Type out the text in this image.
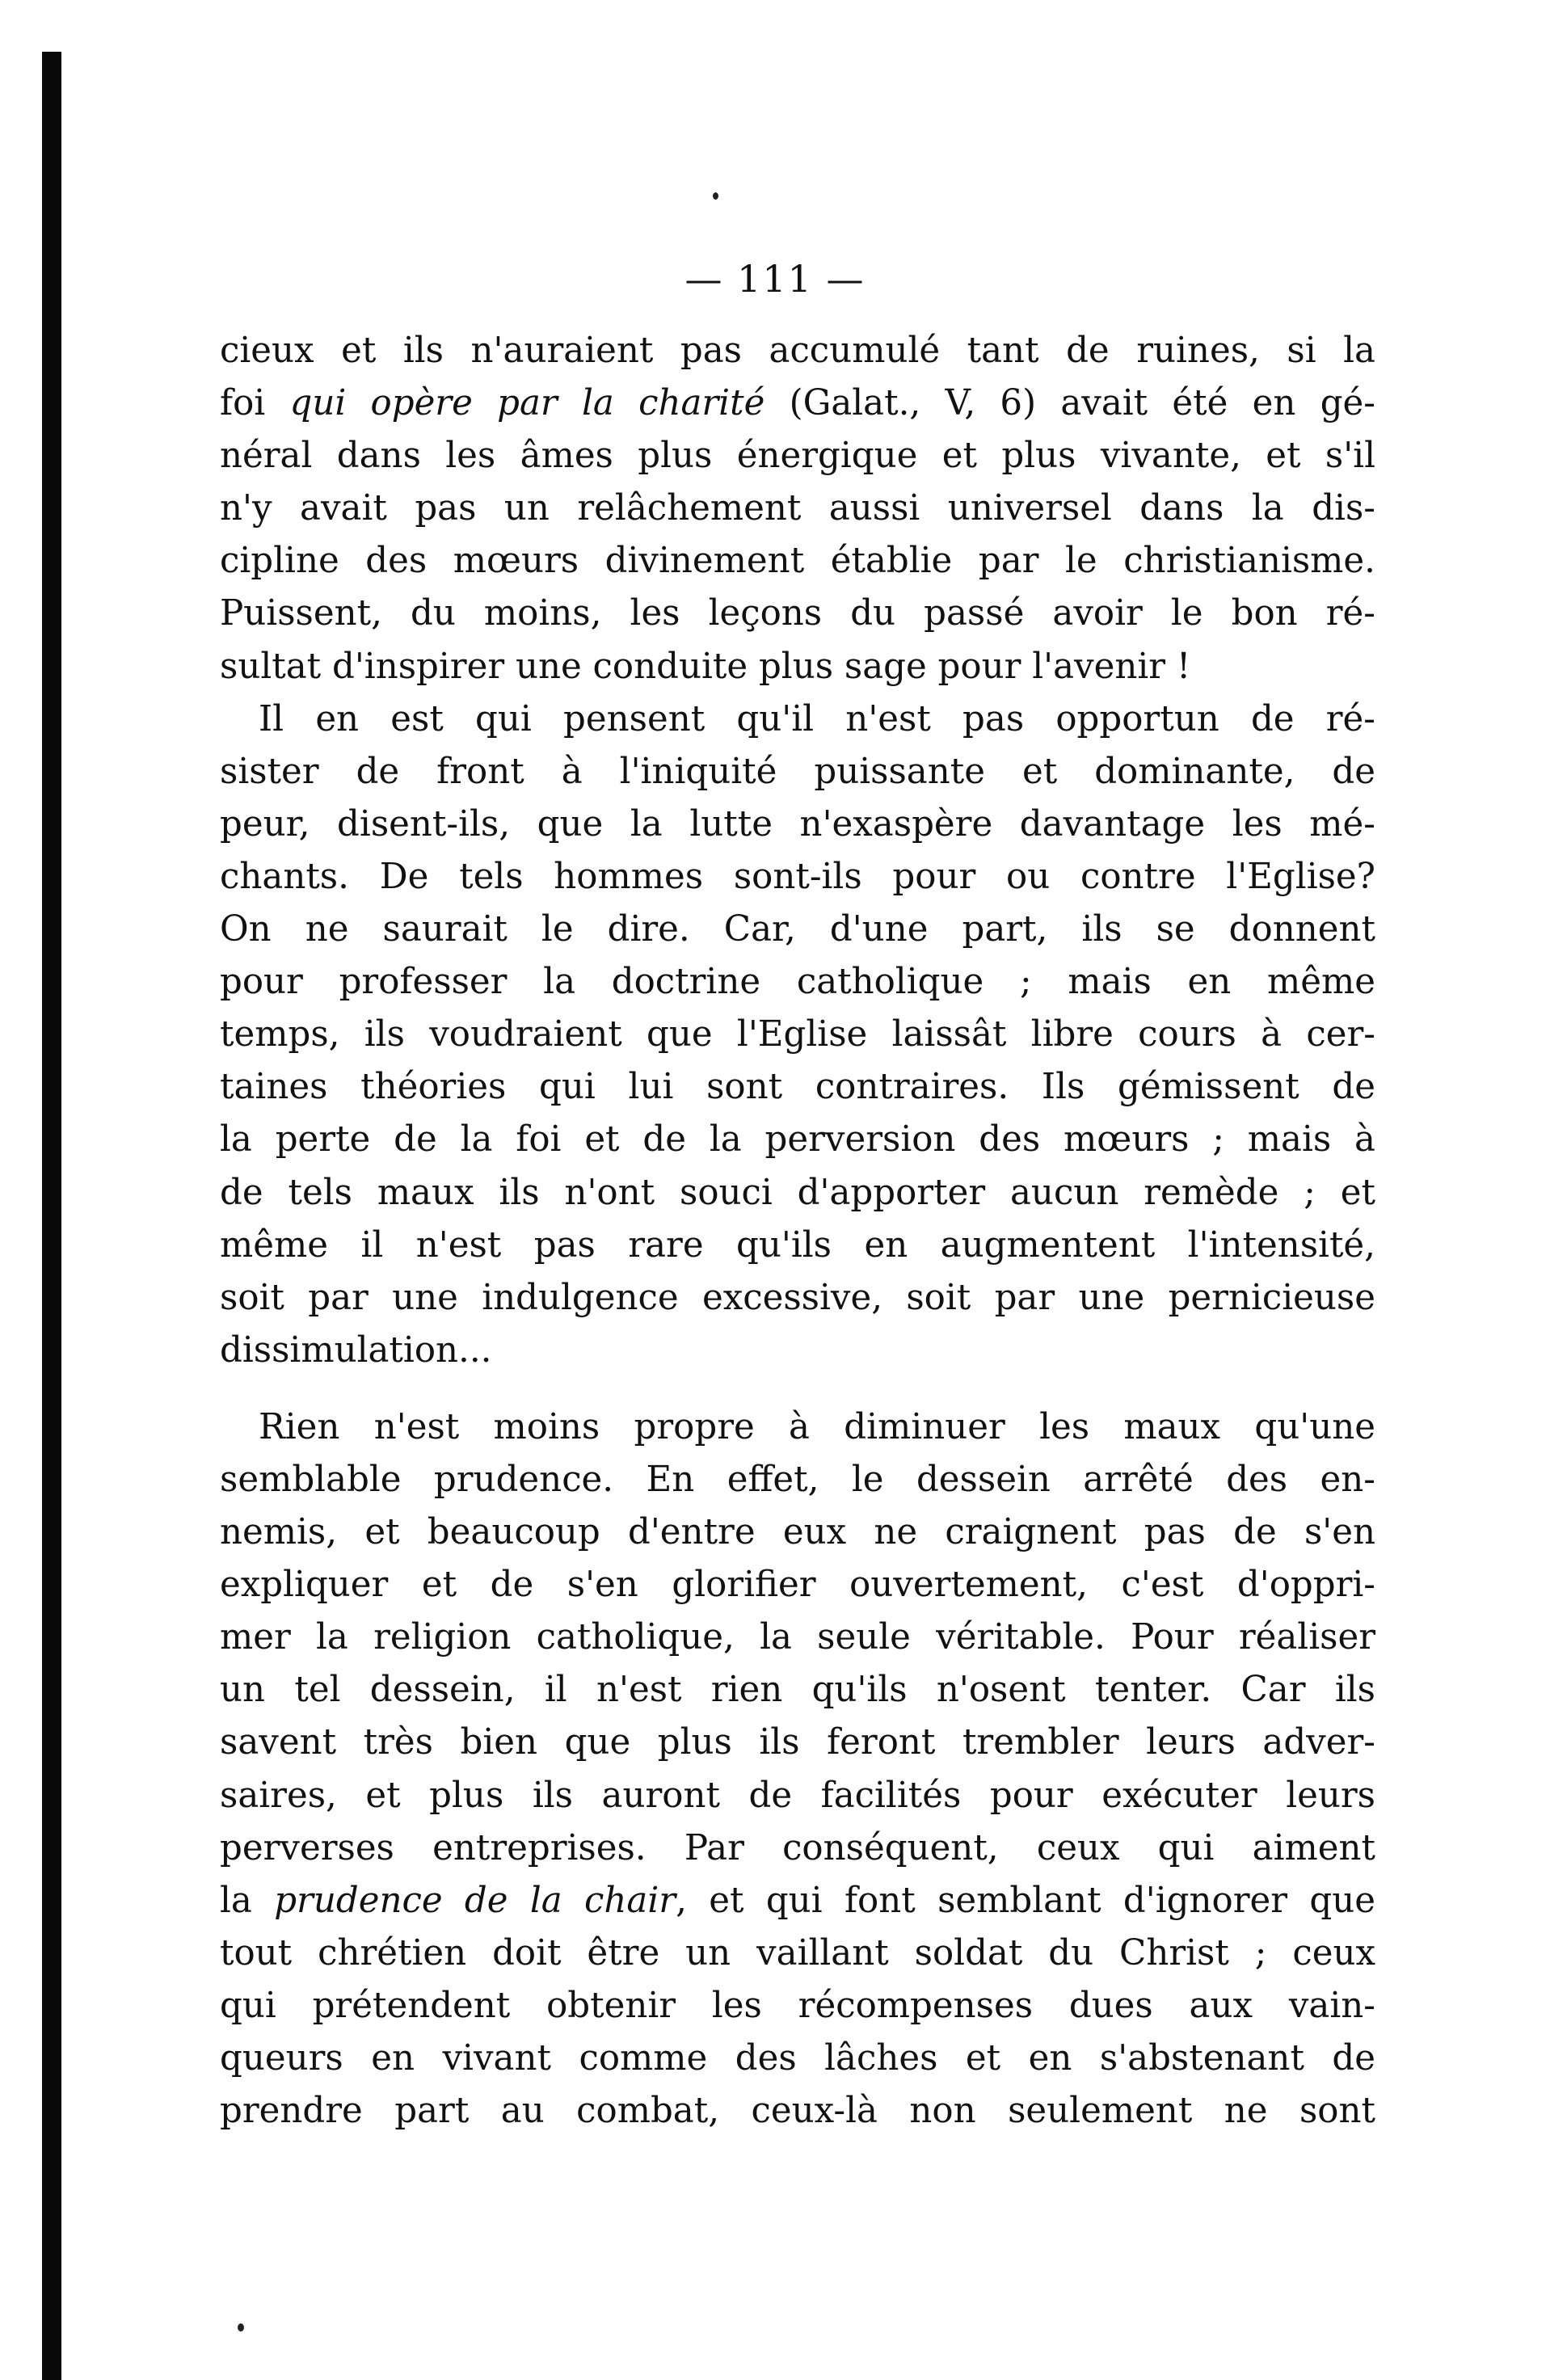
— 111 —
cieux et ils n'auraient pas accumulé tant de ruines, si la
foi qui opère par la charité (Galat., V, 6) avait été en gé-
néral dans les âmes plus énergique et plus vivante, et s'il
n'y avait pas un relâchement aussi universel dans la dis-
cipline des mœurs divinement établie par le christianisme.
Puissent, du moins, les leçons du passé avoir le bon ré-
sultat d'inspirer une conduite plus sage pour l'avenir !
Il en est qui pensent qu'il n'est pas opportun de ré-
sister de front à l'iniquité puissante et dominante, de
peur, disent-ils, que la lutte n'exaspère davantage les mé-
chants. De tels hommes sont-ils pour ou contre l'Eglise?
On ne saurait le dire. Car, d'une part, ils se donnent
pour professer la doctrine catholique ; mais en même
temps, ils voudraient que l'Eglise laissât libre cours à cer-
taines théories qui lui sont contraires. Ils gémissent de
la perte de la foi et de la perversion des mœurs ; mais à
de tels maux ils n'ont souci d'apporter aucun remède ; et
même il n'est pas rare qu'ils en augmentent l'intensité,
soit par une indulgence excessive, soit par une pernicieuse
dissimulation...
Rien n'est moins propre à diminuer les maux qu'une
semblable prudence. En effet, le dessein arrêté des en-
nemis, et beaucoup d'entre eux ne craignent pas de s'en
expliquer et de s'en glorifier ouvertement, c'est d'oppri-
mer la religion catholique, la seule véritable. Pour réaliser
un tel dessein, il n'est rien qu'ils n'osent tenter. Car ils
savent très bien que plus ils feront trembler leurs adver-
saires, et plus ils auront de facilités pour exécuter leurs
perverses entreprises. Par conséquent, ceux qui aiment
la prudence de la chair, et qui font semblant d'ignorer que
tout chrétien doit être un vaillant soldat du Christ ; ceux
qui prétendent obtenir les récompenses dues aux vain-
queurs en vivant comme des lâches et en s'abstenant de
prendre part au combat, ceux-là non seulement ne sont
